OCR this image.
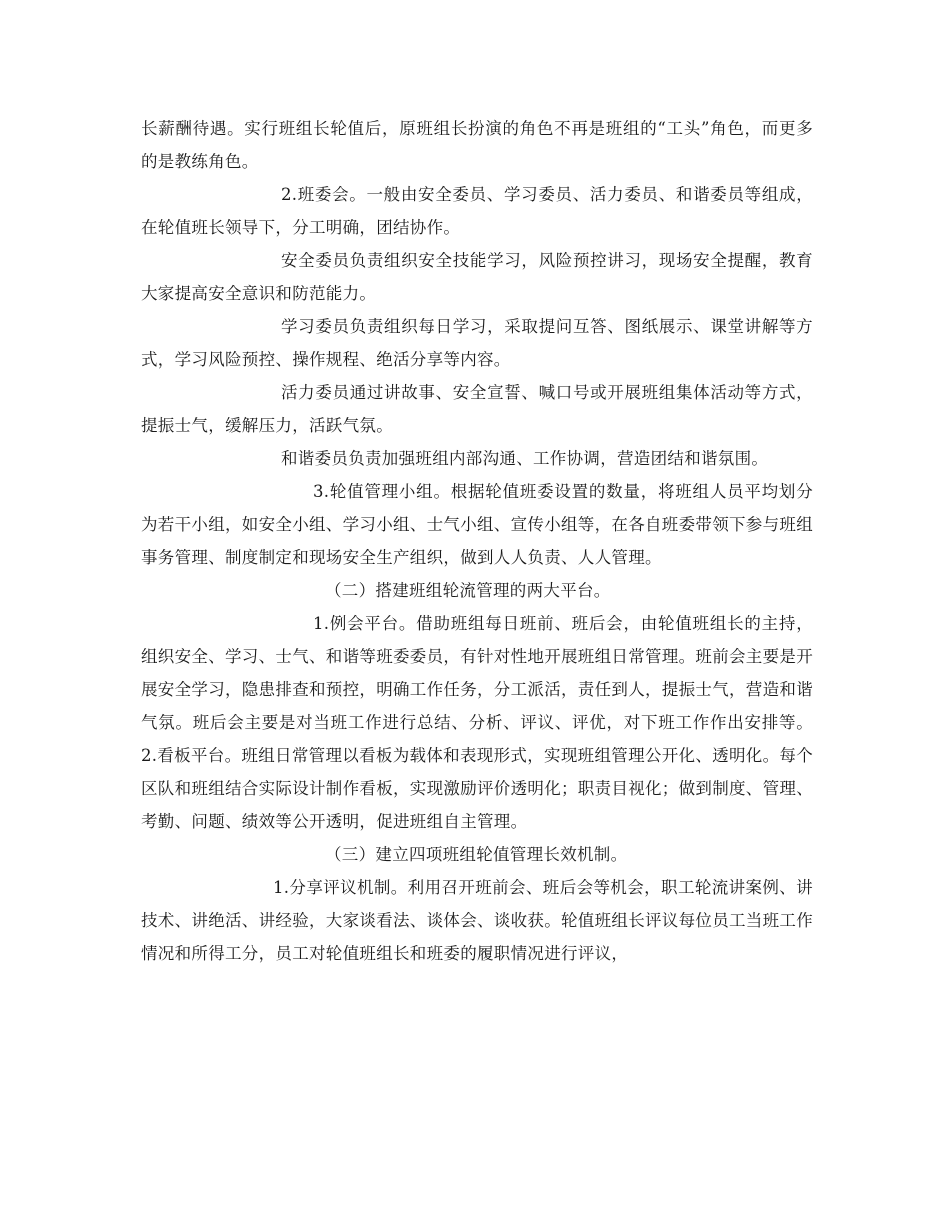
长薪酬待遇。实行班组长轮值后，原班组长扮演的角色不再是班组的“工头”角色，而更多的是教练角色。

2.班委会。一般由安全委员、学习委员、活力委员、和谐委员等组成，在轮值班长领导下，分工明确，团结协作。

安全委员负责组织安全技能学习，风险预控讲习，现场安全提醒，教育大家提高安全意识和防范能力。

学习委员负责组织每日学习，采取提问互答、图纸展示、课堂讲解等方式，学习风险预控、操作规程、绝活分享等内容。

活力委员通过讲故事、安全宣誓、喊口号或开展班组集体活动等方式，提振士气，缓解压力，活跃气氛。

和谐委员负责加强班组内部沟通、工作协调，营造团结和谐氛围。

3.轮值管理小组。根据轮值班委设置的数量，将班组人员平均划分为若干小组，如安全小组、学习小组、士气小组、宣传小组等，在各自班委带领下参与班组事务管理、制度制定和现场安全生产组织，做到人人负责、人人管理。

（二）搭建班组轮流管理的两大平台。

1.例会平台。借助班组每日班前、班后会，由轮值班组长的主持，组织安全、学习、士气、和谐等班委委员，有针对性地开展班组日常管理。班前会主要是开展安全学习，隐患排查和预控，明确工作任务，分工派活，责任到人，提振士气，营造和谐气氛。班后会主要是对当班工作进行总结、分析、评议、评优，对下班工作作出安排等。 2.看板平台。班组日常管理以看板为载体和表现形式，实现班组管理公开化、透明化。每个区队和班组结合实际设计制作看板，实现激励评价透明化；职责目视化；做到制度、管理、考勤、问题、绩效等公开透明，促进班组自主管理。

（三）建立四项班组轮值管理长效机制。

1.分享评议机制。利用召开班前会、班后会等机会，职工轮流讲案例、讲技术、讲绝活、讲经验，大家谈看法、谈体会、谈收获。轮值班组长评议每位员工当班工作情况和所得工分，员工对轮值班组长和班委的履职情况进行评议，
